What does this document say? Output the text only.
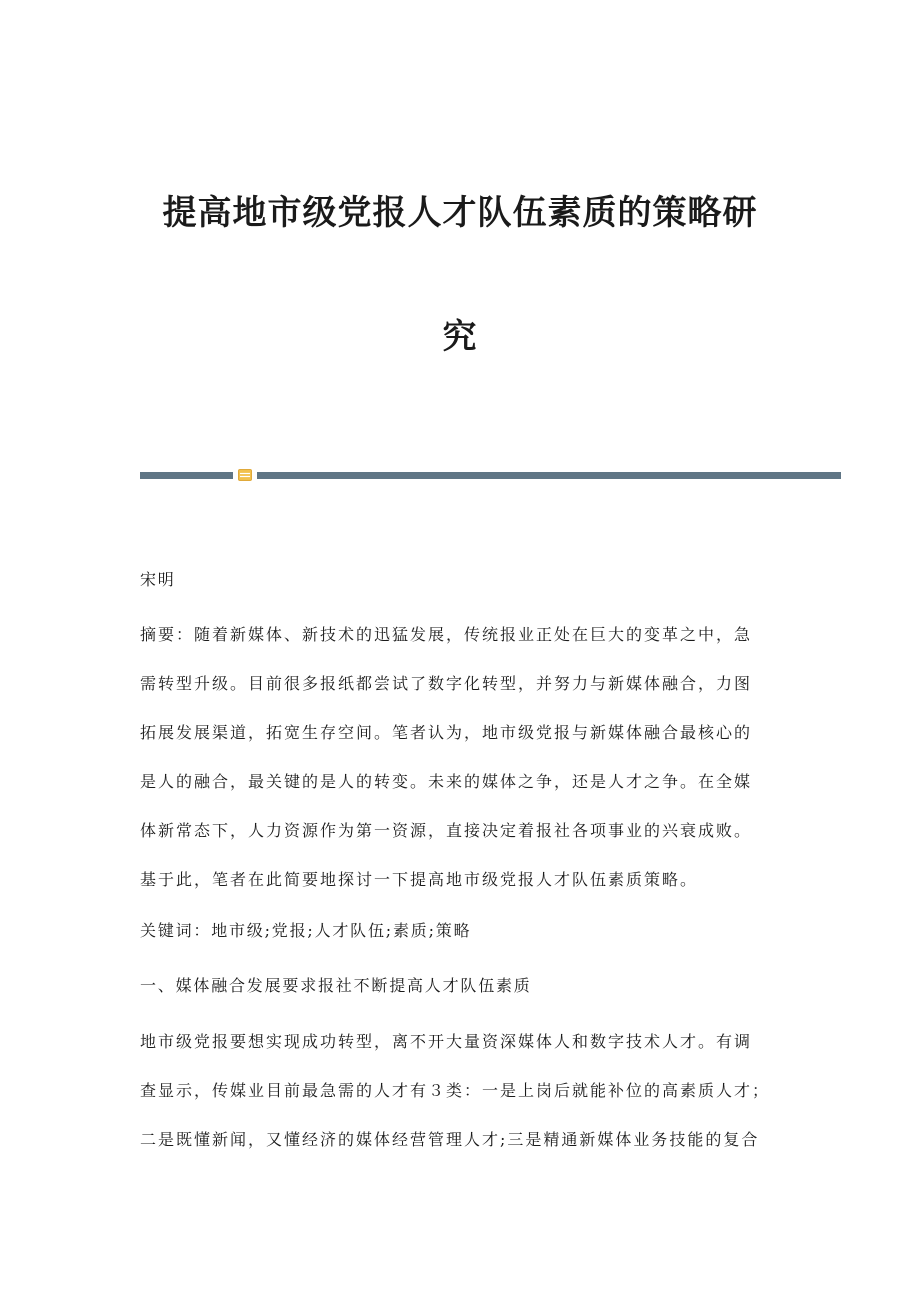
提高地市级党报人才队伍素质的策略研
究

宋明

摘要：随着新媒体、新技术的迅猛发展，传统报业正处在巨大的变革之中，急
需转型升级。目前很多报纸都尝试了数字化转型，并努力与新媒体融合，力图
拓展发展渠道，拓宽生存空间。笔者认为，地市级党报与新媒体融合最核心的
是人的融合，最关键的是人的转变。未来的媒体之争，还是人才之争。在全媒
体新常态下，人力资源作为第一资源，直接决定着报社各项事业的兴衰成败。
基于此，笔者在此简要地探讨一下提高地市级党报人才队伍素质策略。

关键词：地市级;党报;人才队伍;素质;策略

一、媒体融合发展要求报社不断提高人才队伍素质

地市级党报要想实现成功转型，离不开大量资深媒体人和数字技术人才。有调
查显示，传媒业目前最急需的人才有３类：一是上岗后就能补位的高素质人才；
二是既懂新闻，又懂经济的媒体经营管理人才;三是精通新媒体业务技能的复合
